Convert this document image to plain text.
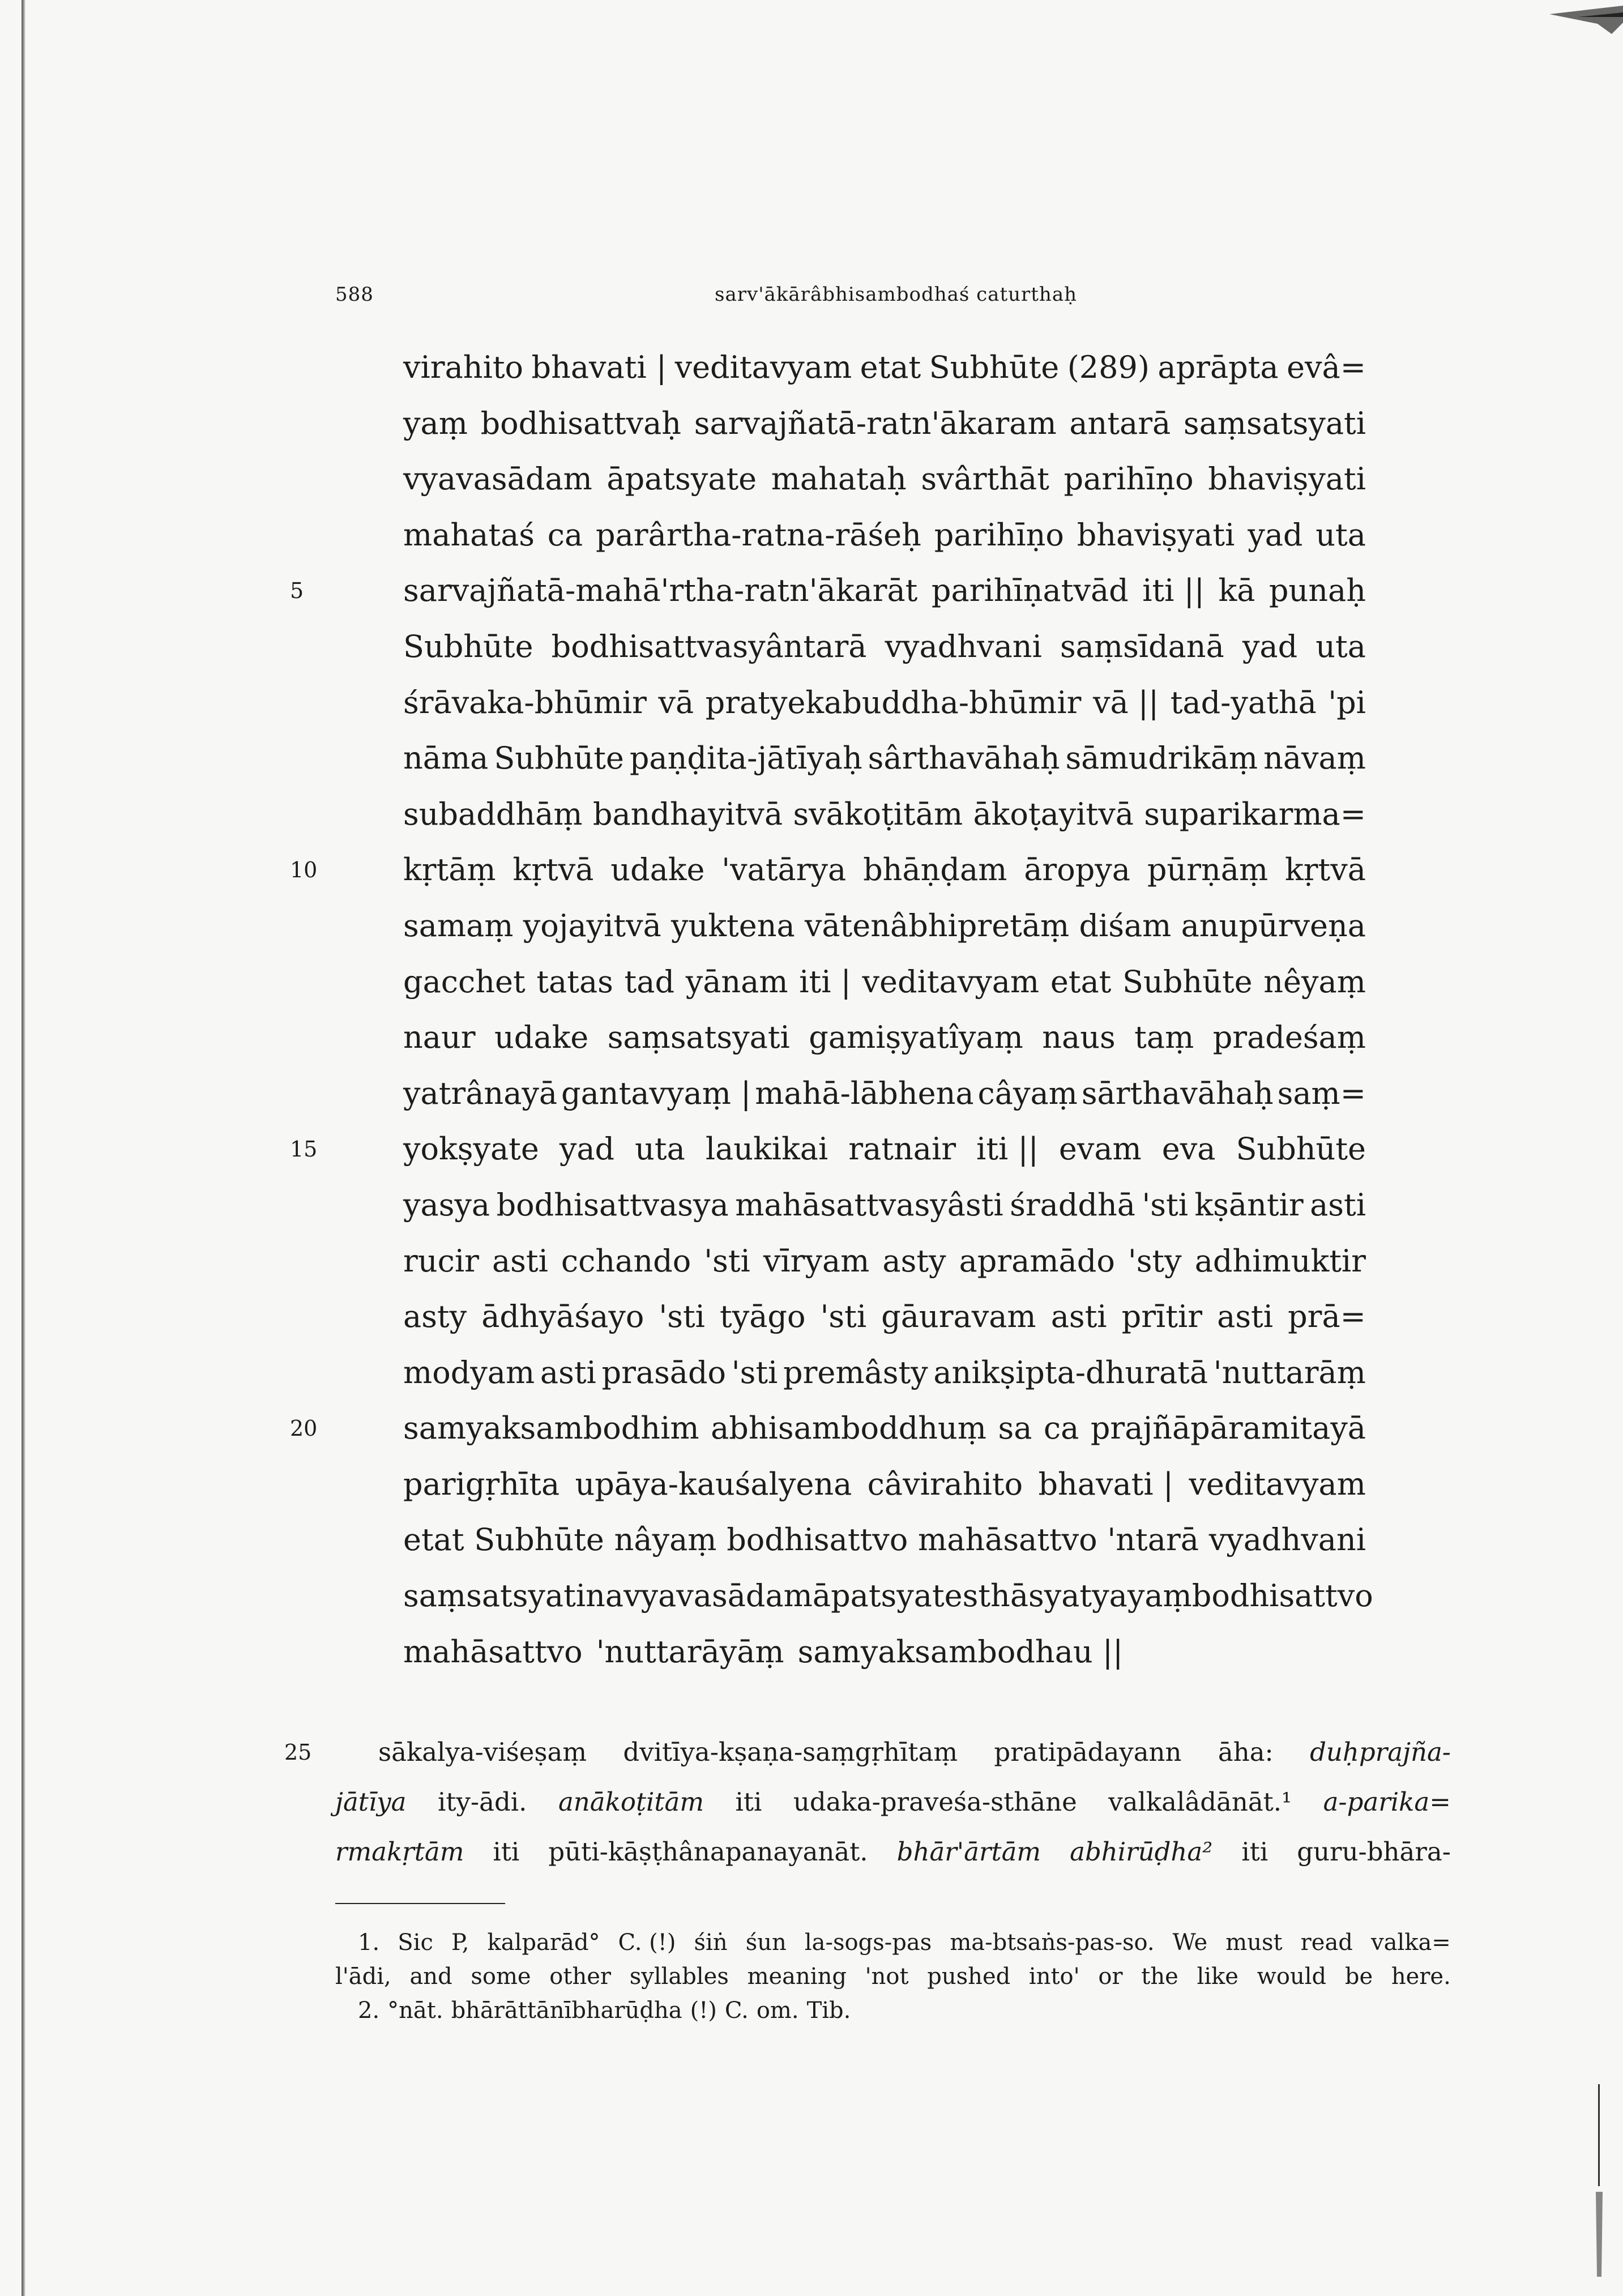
588	sarv'ākārâbhisambodhaś caturthaḥ
virahito bhavati | veditavyam etat Subhūte (289) aprāpta evâ=
yaṃ bodhisattvaḥ sarvajñatā-ratn'ākaram antarā saṃsatsyati
vyavasādam āpatsyate mahataḥ svârthāt parihīṇo bhaviṣyati
mahataś ca parârtha-ratna-rāśeḥ parihīṇo bhaviṣyati yad uta
sarvajñatā-mahā'rtha-ratn'ākarāt parihīṇatvād iti || kā punaḥ
Subhūte bodhisattvasyântarā vyadhvani saṃsīdanā yad uta
śrāvaka-bhūmir vā pratyekabuddha-bhūmir vā || tad-yathā 'pi
nāma Subhūte paṇḍita-jātīyaḥ sârthavāhaḥ sāmudrikāṃ nāvaṃ
subaddhāṃ bandhayitvā svākoṭitām ākoṭayitvā suparikarma=
kṛtāṃ kṛtvā udake 'vatārya bhāṇḍam āropya pūrṇāṃ kṛtvā
samaṃ yojayitvā yuktena vātenâbhipretāṃ diśam anupūrveṇa
gacchet tatas tad yānam iti | veditavyam etat Subhūte nêyaṃ
naur udake saṃsatsyati gamiṣyatîyaṃ naus taṃ pradeśaṃ
yatrânayā gantavyaṃ | mahā-lābhena câyaṃ sārthavāhaḥ saṃ=
yokṣyate yad uta laukikai ratnair iti || evam eva Subhūte
yasya bodhisattvasya mahāsattvasyâsti śraddhā 'sti kṣāntir asti
rucir asti cchando 'sti vīryam asty apramādo 'sty adhimuktir
asty ādhyāśayo 'sti tyāgo 'sti gāuravam asti prītir asti prā=
modyam asti prasādo 'sti premâsty anikṣipta-dhuratā 'nuttarāṃ
samyaksambodhim abhisamboddhuṃ sa ca prajñāpāramitayā
parigṛhīta upāya-kauśalyena câvirahito bhavati | veditavyam
etat Subhūte nâyaṃ bodhisattvo mahāsattvo 'ntarā vyadhvani
saṃsatsyati na vyavasādam āpatsyate sthāsyaty ayaṃ bodhisattvo
mahāsattvo 'nuttarāyāṃ samyaksambodhau ||
5
10
15
20
25	sākalya-viśeṣaṃ dvitīya-kṣaṇa-saṃgṛhītaṃ pratipādayann āha: duḥprajña-
jātīya ity-ādi. anākoṭitām iti udaka-praveśa-sthāne valkalâdānāt.¹ a-parika=
rmakṛtām iti pūti-kāṣṭhânapanayanāt. bhār'ārtām abhirūḍha² iti guru-bhāra-
1. Sic P, kalparād° C. (!) śiṅ śun la-sogs-pas ma-btsaṅs-pas-so. We must read valka=
l'ādi, and some other syllables meaning 'not pushed into' or the like would be here.
2. °nāt. bhārāttānībharūḍha (!) C. om. Tib.
